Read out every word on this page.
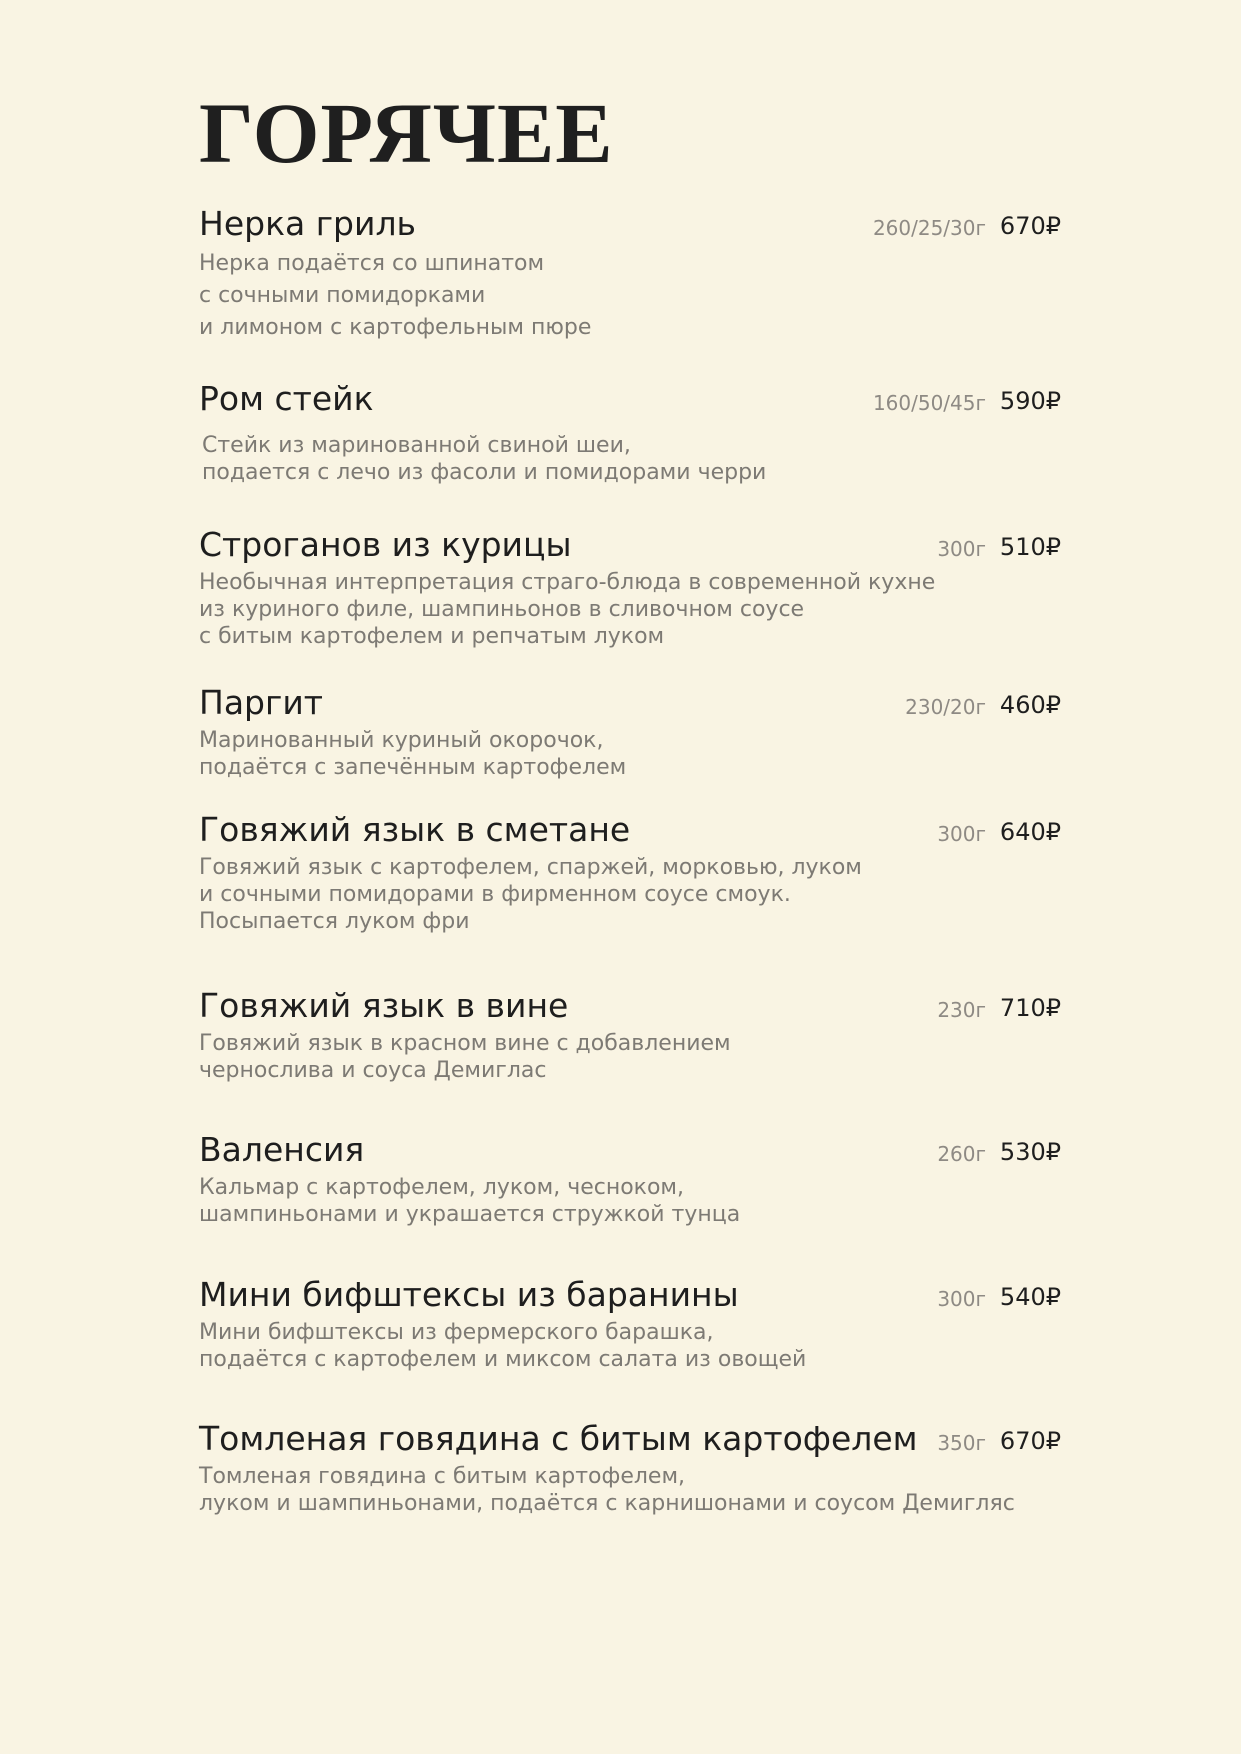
ГОРЯЧЕЕ
Нерка гриль	260/25/30г 670₽
Нерка подаётся со шпинатом
с сочными помидорками
и лимоном с картофельным пюре
Ром стейк	160/50/45г 590₽
Стейк из маринованной свиной шеи,
подается с лечо из фасоли и помидорами черри
Строганов из курицы	300г 510₽
Необычная интерпретация страго-блюда в современной кухне
из куриного филе, шампиньонов в сливочном соусе
с битым картофелем и репчатым луком
Паргит	230/20г 460₽
Маринованный куриный окорочок,
подаётся с запечённым картофелем
Говяжий язык в сметане	300г 640₽
Говяжий язык с картофелем, спаржей, морковью, луком
и сочными помидорами в фирменном соусе смоук.
Посыпается луком фри
Говяжий язык в вине	230г 710₽
Говяжий язык в красном вине с добавлением
чернослива и соуса Демиглас
Валенсия	260г 530₽
Кальмар с картофелем, луком, чесноком,
шампиньонами и украшается стружкой тунца
Мини бифштексы из баранины	300г 540₽
Мини бифштексы из фермерского барашка,
подаётся с картофелем и миксом салата из овощей
Томленая говядина с битым картофелем 350г 670₽
Томленая говядина с битым картофелем,
луком и шампиньонами, подаётся с карнишонами и соусом Демигляс
